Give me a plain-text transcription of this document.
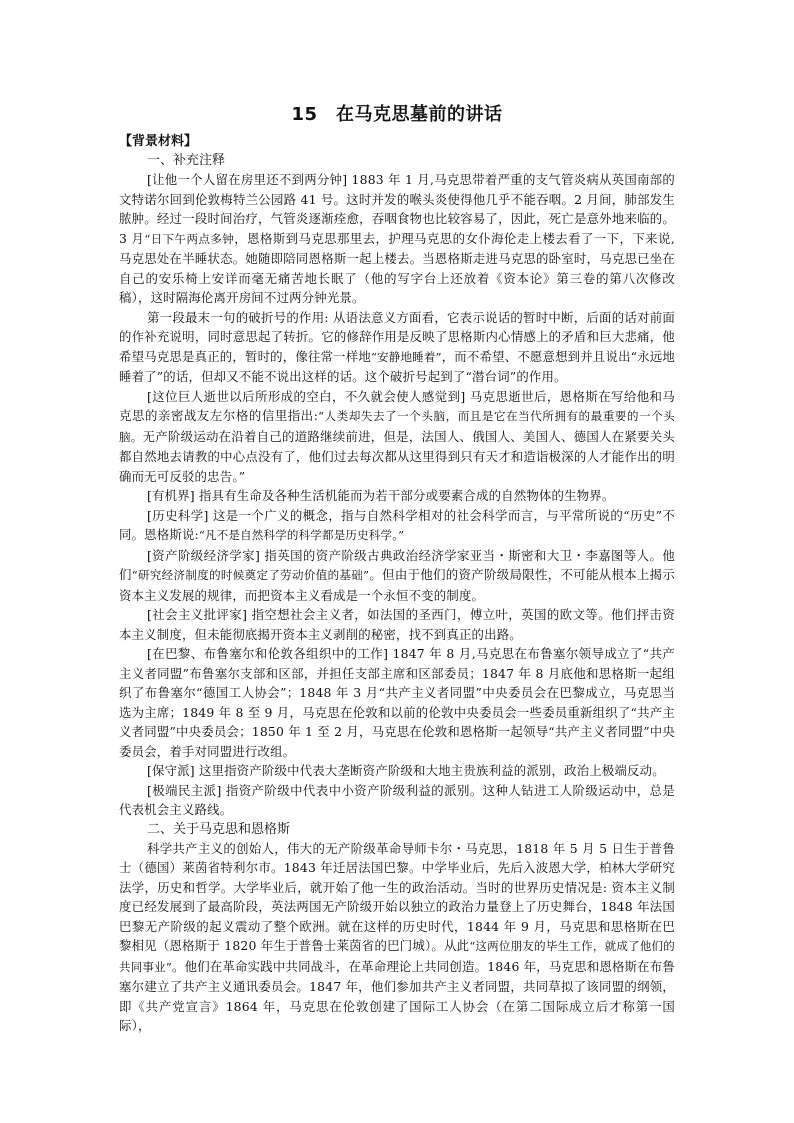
15　在马克思墓前的讲话
【背景材料】
一、补充注释

[让他一个人留在房里还不到两分钟] 1883 年 1 月,马克思带着严重的支气管炎病从英国南部的文特诺尔回到伦敦梅特兰公园路 41 号。这时并发的喉头炎使得他几乎不能吞咽。2 月间，肺部发生脓肿。经过一段时间治疗，气管炎逐渐痊愈，吞咽食物也比较容易了，因此，死亡是意外地来临的。3 月“日下午两点多钟，恩格斯到马克思那里去，护理马克思的女仆海伦走上楼去看了一下，下来说,马克思处在半睡状态。她随即陪同恩格斯一起上楼去。当恩格斯走进马克思的卧室时，马克思已坐在自己的安乐椅上安详而毫无痛苦地长眠了（他的写字台上还放着《资本论》第三卷的第八次修改稿），这时隔海伦离开房间不过两分钟光景。

第一段最末一句的破折号的作用: 从语法意义方面看，它表示说话的暂时中断，后面的话对前面的作补充说明，同时意思起了转折。它的修辞作用是反映了思格斯内心情感上的矛盾和巨大悲痛，他希望马克思是真正的，暂时的，像往常一样地“安静地睡着”，而不希望、不愿意想到并且说出“永远地睡着了”的话，但却又不能不说出这样的话。这个破折号起到了“潜台词”的作用。

[这位巨人逝世以后所形成的空白，不久就会使人感觉到] 马克思逝世后，恩格斯在写给他和马克思的亲密战友左尔格的信里指出:“人类却失去了一个头脑，而且是它在当代所拥有的最重要的一个头脑。无产阶级运动在沿着自己的道路继续前进，但是，法国人、俄国人、美国人、德国人在紧要关头都自然地去请教的中心点没有了，他们过去每次都从这里得到只有天才和造诣极深的人才能作出的明确而无可反驳的忠告。”

[有机界] 指具有生命及各种生活机能而为若干部分或要素合成的自然物体的生物界。

[历史科学] 这是一个广义的概念，指与自然科学相对的社会科学而言，与平常所说的“历史”不同。恩格斯说:“凡不是自然科学的科学都是历史科学。”

[资产阶级经济学家] 指英国的资产阶级古典政治经济学家亚当・斯密和大卫・李嘉图等人。他们“研究经济制度的时候奠定了劳动价值的基础”。但由于他们的资产阶级局限性，不可能从根本上揭示资本主义发展的规律，而把资本主义看成是一个永恒不变的制度。

[社会主义批评家] 指空想社会主义者，如法国的圣西门，傅立叶，英国的欧文等。他们抨击资本主义制度，但未能彻底揭开资本主义剥削的秘密，找不到真正的出路。

[在巴黎、布鲁塞尔和伦敦各组织中的工作] 1847 年 8 月,马克思在布鲁塞尔领导成立了“共产主义者同盟”布鲁塞尔支部和区部，并担任支部主席和区部委员；1847 年 8 月底他和思格斯一起组织了布鲁塞尔“德国工人协会”；1848 年 3 月“共产主义者同盟”中央委员会在巴黎成立，马克思当选为主席；1849 年 8 至 9 月，马克思在伦敦和以前的伦敦中央委员会一些委员重新组织了“共产主义者同盟”中央委员会；1850 年 1 至 2 月，马克思在伦敦和恩格斯一起领导“共产主义者同盟”中央委员会，着手对同盟进行改组。

[保守派] 这里指资产阶级中代表大垄断资产阶级和大地主贵族利益的派别，政治上极端反动。

[极端民主派] 指资产阶级中代表中小资产阶级利益的派别。这种人钻进工人阶级运动中，总是代表机会主义路线。

二、关于马克思和恩格斯

科学共产主义的创始人，伟大的无产阶级革命导师卡尔・马克思，1818 年 5 月 5 日生于普鲁士（德国）莱茵省特利尔市。1843 年迁居法国巴黎。中学毕业后，先后入波恩大学，柏林大学研究法学，历史和哲学。大学毕业后，就开始了他一生的政治活动。当时的世界历史情况是: 资本主义制度已经发展到了最高阶段，英法两国无产阶级开始以独立的政治力量登上了历史舞台，1848 年法国巴黎无产阶级的起义震动了整个欧洲。就在这样的历史时代，1844 年 9 月，马克思和思格斯在巴黎相见（恩格斯于 1820 年生于普鲁士莱茵省的巴门城）。从此“这两位朋友的毕生工作，就成了他们的共同事业”。他们在革命实践中共同战斗，在革命理论上共同创造。1846 年，马克思和恩格斯在布鲁塞尔建立了共产主义通讯委员会。1847 年，他们参加共产主义者同盟，共同草拟了该同盟的纲领，即《共产党宣言》1864 年，马克思在伦敦创建了国际工人协会（在第二国际成立后才称第一国际），
